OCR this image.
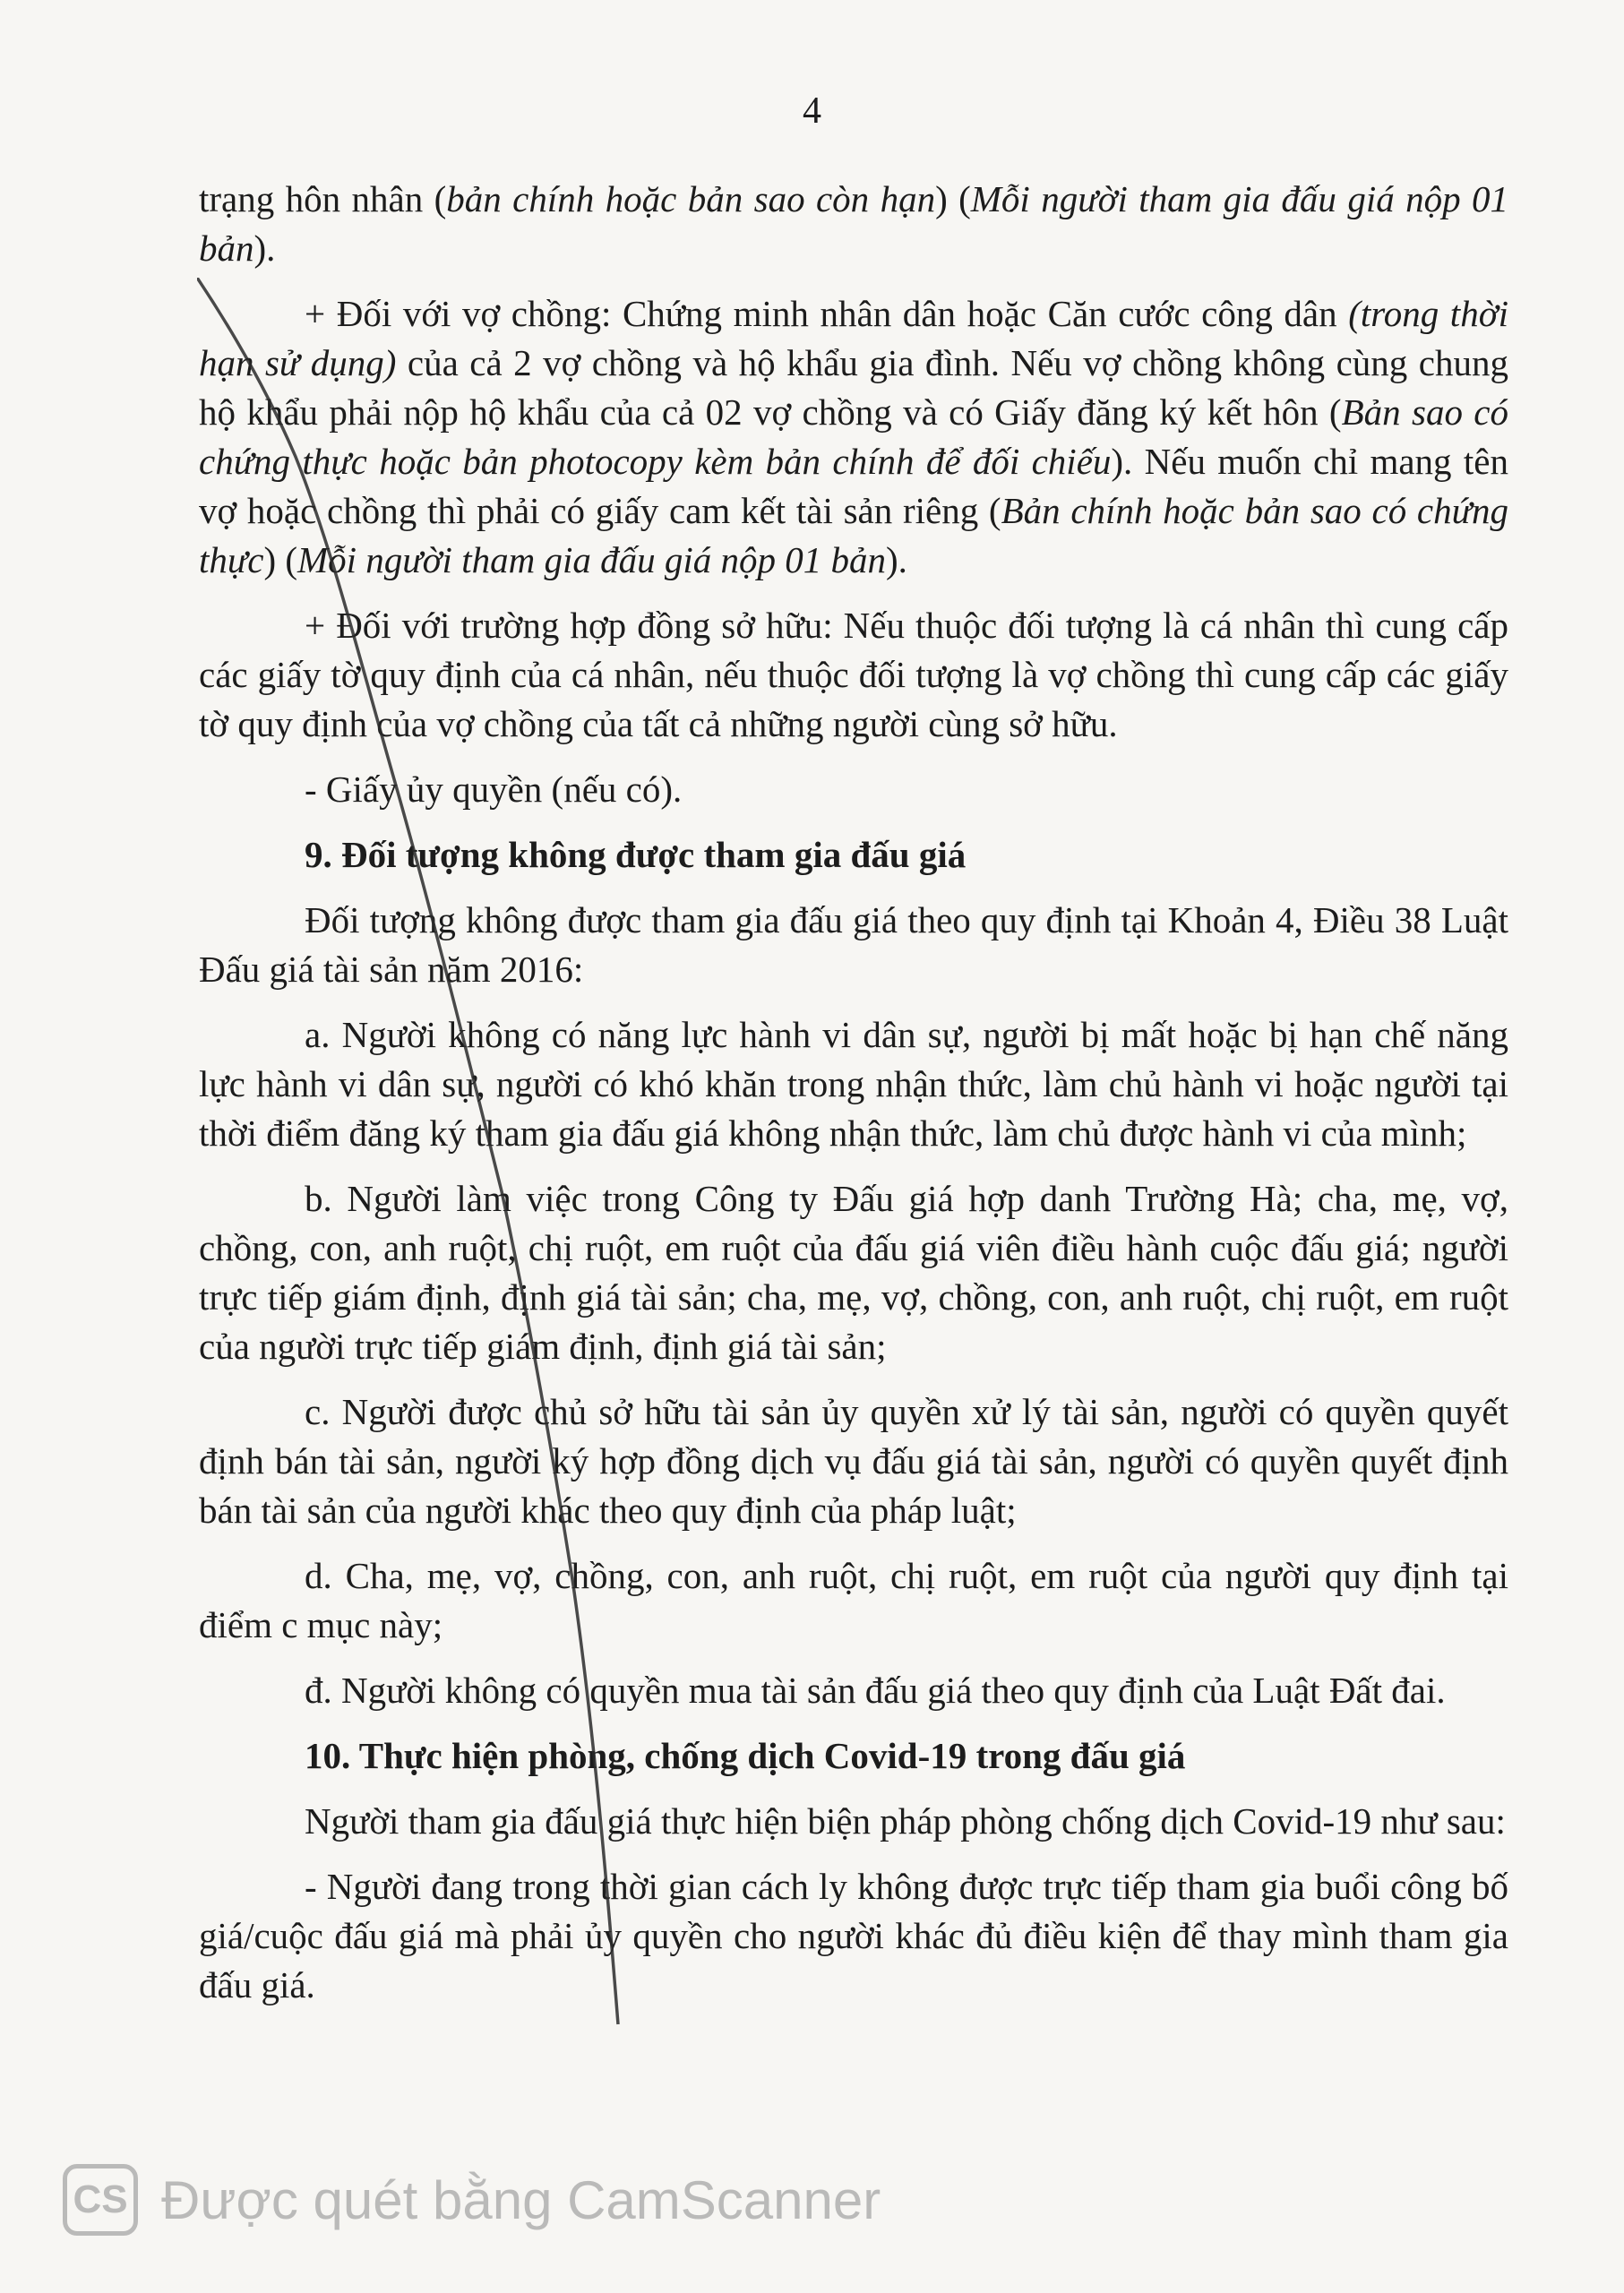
4

trạng hôn nhân (bản chính hoặc bản sao còn hạn) (Mỗi người tham gia đấu giá nộp 01 bản).

+ Đối với vợ chồng: Chứng minh nhân dân hoặc Căn cước công dân (trong thời hạn sử dụng) của cả 2 vợ chồng và hộ khẩu gia đình. Nếu vợ chồng không cùng chung hộ khẩu phải nộp hộ khẩu của cả 02 vợ chồng và có Giấy đăng ký kết hôn (Bản sao có chứng thực hoặc bản photocopy kèm bản chính để đối chiếu). Nếu muốn chỉ mang tên vợ hoặc chồng thì phải có giấy cam kết tài sản riêng (Bản chính hoặc bản sao có chứng thực) (Mỗi người tham gia đấu giá nộp 01 bản).

+ Đối với trường hợp đồng sở hữu: Nếu thuộc đối tượng là cá nhân thì cung cấp các giấy tờ quy định của cá nhân, nếu thuộc đối tượng là vợ chồng thì cung cấp các giấy tờ quy định của vợ chồng của tất cả những người cùng sở hữu.

- Giấy ủy quyền (nếu có).

9. Đối tượng không được tham gia đấu giá

Đối tượng không được tham gia đấu giá theo quy định tại Khoản 4, Điều 38 Luật Đấu giá tài sản năm 2016:

a. Người không có năng lực hành vi dân sự, người bị mất hoặc bị hạn chế năng lực hành vi dân sự, người có khó khăn trong nhận thức, làm chủ hành vi hoặc người tại thời điểm đăng ký tham gia đấu giá không nhận thức, làm chủ được hành vi của mình;

b. Người làm việc trong Công ty Đấu giá hợp danh Trường Hà; cha, mẹ, vợ, chồng, con, anh ruột, chị ruột, em ruột của đấu giá viên điều hành cuộc đấu giá; người trực tiếp giám định, định giá tài sản; cha, mẹ, vợ, chồng, con, anh ruột, chị ruột, em ruột của người trực tiếp giám định, định giá tài sản;

c. Người được chủ sở hữu tài sản ủy quyền xử lý tài sản, người có quyền quyết định bán tài sản, người ký hợp đồng dịch vụ đấu giá tài sản, người có quyền quyết định bán tài sản của người khác theo quy định của pháp luật;

d. Cha, mẹ, vợ, chồng, con, anh ruột, chị ruột, em ruột của người quy định tại điểm c mục này;

đ. Người không có quyền mua tài sản đấu giá theo quy định của Luật Đất đai.

10. Thực hiện phòng, chống dịch Covid-19 trong đấu giá

Người tham gia đấu giá thực hiện biện pháp phòng chống dịch Covid-19 như sau:

- Người đang trong thời gian cách ly không được trực tiếp tham gia buổi công bố giá/cuộc đấu giá mà phải ủy quyền cho người khác đủ điều kiện để thay mình tham gia đấu giá.

CS Được quét bằng CamScanner
